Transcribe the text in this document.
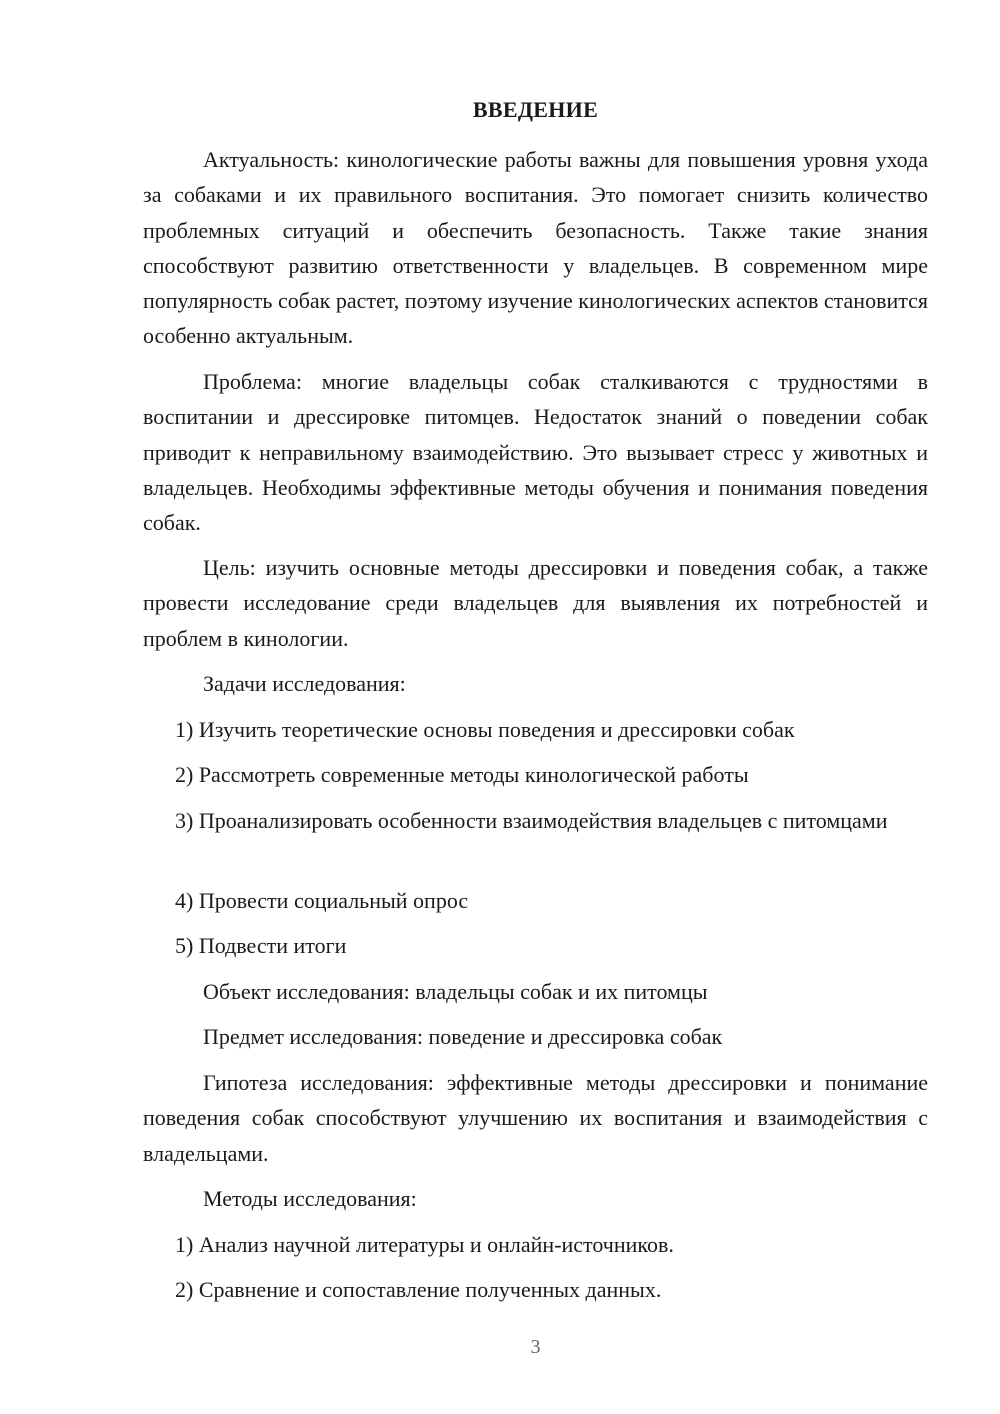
ВВЕДЕНИЕ

Актуальность: кинологические работы важны для повышения уровня ухода за собаками и их правильного воспитания. Это помогает снизить количество проблемных ситуаций и обеспечить безопасность. Также такие знания способствуют развитию ответственности у владельцев. В современном мире популярность собак растет, поэтому изучение кинологических аспектов становится особенно актуальным.

Проблема: многие владельцы собак сталкиваются с трудностями в воспитании и дрессировке питомцев. Недостаток знаний о поведении собак приводит к неправильному взаимодействию. Это вызывает стресс у животных и владельцев. Необходимы эффективные методы обучения и понимания поведения собак.

Цель: изучить основные методы дрессировки и поведения собак, а также провести исследование среди владельцев для выявления их потребностей и проблем в кинологии.

Задачи исследования:

1) Изучить теоретические основы поведения и дрессировки собак

2) Рассмотреть современные методы кинологической работы

3) Проанализировать особенности взаимодействия владельцев с питомцами

4) Провести социальный опрос

5) Подвести итоги

Объект исследования: владельцы собак и их питомцы

Предмет исследования: поведение и дрессировка собак

Гипотеза исследования: эффективные методы дрессировки и понимание поведения собак способствуют улучшению их воспитания и взаимодействия с владельцами.

Методы исследования:

1) Анализ научной литературы и онлайн-источников.

2) Сравнение и сопоставление полученных данных.

3
